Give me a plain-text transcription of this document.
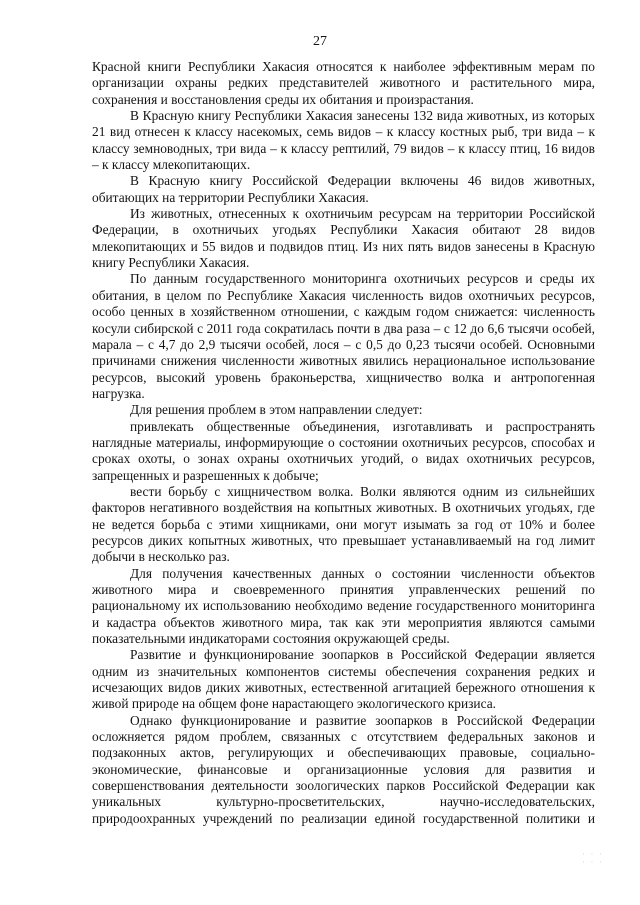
27

Красной книги Республики Хакасия относятся к наиболее эффективным мерам по организации охраны редких представителей животного и растительного мира, сохранения и восстановления среды их обитания и произрастания.

В Красную книгу Республики Хакасия занесены 132 вида животных, из которых 21 вид отнесен к классу насекомых, семь видов – к классу костных рыб, три вида – к классу земноводных, три вида – к классу рептилий, 79 видов – к классу птиц, 16 видов – к классу млекопитающих.

В Красную книгу Российской Федерации включены 46 видов животных, обитающих на территории Республики Хакасия.

Из животных, отнесенных к охотничьим ресурсам на территории Российской Федерации, в охотничьих угодьях Республики Хакасия обитают 28 видов млекопитающих и 55 видов и подвидов птиц. Из них пять видов занесены в Красную книгу Республики Хакасия.

По данным государственного мониторинга охотничьих ресурсов и среды их обитания, в целом по Республике Хакасия численность видов охотничьих ресурсов, особо ценных в хозяйственном отношении, с каждым годом снижается: численность косули сибирской с 2011 года сократилась почти в два раза – с 12 до 6,6 тысячи особей, марала – с 4,7 до 2,9 тысячи особей, лося – с 0,5 до 0,23 тысячи особей. Основными причинами снижения численности животных явились нерациональное использование ресурсов, высокий уровень браконьерства, хищничество волка и антропогенная нагрузка.

Для решения проблем в этом направлении следует:

привлекать общественные объединения, изготавливать и распространять наглядные материалы, информирующие о состоянии охотничьих ресурсов, способах и сроках охоты, о зонах охраны охотничьих угодий, о видах охотничьих ресурсов, запрещенных и разрешенных к добыче;

вести борьбу с хищничеством волка. Волки являются одним из сильнейших факторов негативного воздействия на копытных животных. В охотничьих угодьях, где не ведется борьба с этими хищниками, они могут изымать за год от 10% и более ресурсов диких копытных животных, что превышает устанавливаемый на год лимит добычи в несколько раз.

Для получения качественных данных о состоянии численности объектов животного мира и своевременного принятия управленческих решений по рациональному их использованию необходимо ведение государственного мониторинга и кадастра объектов животного мира, так как эти мероприятия являются самыми показательными индикаторами состояния окружающей среды.

Развитие и функционирование зоопарков в Российской Федерации является одним из значительных компонентов системы обеспечения сохранения редких и исчезающих видов диких животных, естественной агитацией бережного отношения к живой природе на общем фоне нарастающего экологического кризиса.

Однако функционирование и развитие зоопарков в Российской Федерации осложняется рядом проблем, связанных с отсутствием федеральных законов и подзаконных актов, регулирующих и обеспечивающих правовые, социально-экономические, финансовые и организационные условия для развития и совершенствования деятельности зоологических парков Российской Федерации как уникальных культурно-просветительских, научно-исследовательских, природоохранных учреждений по реализации единой государственной политики и

· · ·
· · ·
